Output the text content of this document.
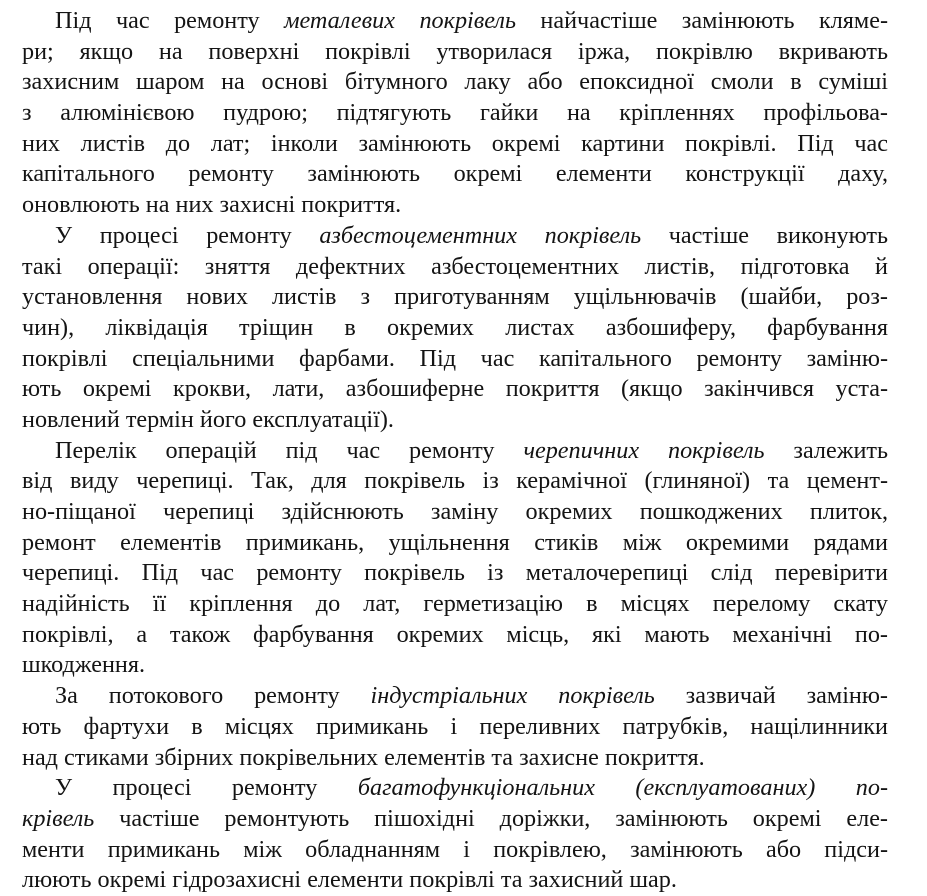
Під час ремонту металевих покрівель найчастіше замінюють кляме-
ри; якщо на поверхні покрівлі утворилася іржа, покрівлю вкривають
захисним шаром на основі бітумного лаку або епоксидної смоли в суміші
з алюмінієвою пудрою; підтягують гайки на кріпленнях профільова-
них листів до лат; інколи замінюють окремі картини покрівлі. Під час
капітального ремонту замінюють окремі елементи конструкції даху,
оновлюють на них захисні покриття.
У процесі ремонту азбестоцементних покрівель частіше виконують
такі операції: зняття дефектних азбестоцементних листів, підготовка й
установлення нових листів з приготуванням ущільнювачів (шайби, роз-
чин), ліквідація тріщин в окремих листах азбошиферу, фарбування
покрівлі спеціальними фарбами. Під час капітального ремонту заміню-
ють окремі крокви, лати, азбошиферне покриття (якщо закінчився уста-
новлений термін його експлуатації).
Перелік операцій під час ремонту черепичних покрівель залежить
від виду черепиці. Так, для покрівель із керамічної (глиняної) та цемент-
но-піщаної черепиці здійснюють заміну окремих пошкоджених плиток,
ремонт елементів примикань, ущільнення стиків між окремими рядами
черепиці. Під час ремонту покрівель із металочерепиці слід перевірити
надійність її кріплення до лат, герметизацію в місцях перелому скату
покрівлі, а також фарбування окремих місць, які мають механічні по-
шкодження.
За потокового ремонту індустріальних покрівель зазвичай заміню-
ють фартухи в місцях примикань і переливних патрубків, нащілинники
над стиками збірних покрівельних елементів та захисне покриття.
У процесі ремонту багатофункціональних (експлуатованих) по-
крівель частіше ремонтують пішохідні доріжки, замінюють окремі еле-
менти примикань між обладнанням і покрівлею, замінюють або підси-
люють окремі гідрозахисні елементи покрівлі та захисний шар.
